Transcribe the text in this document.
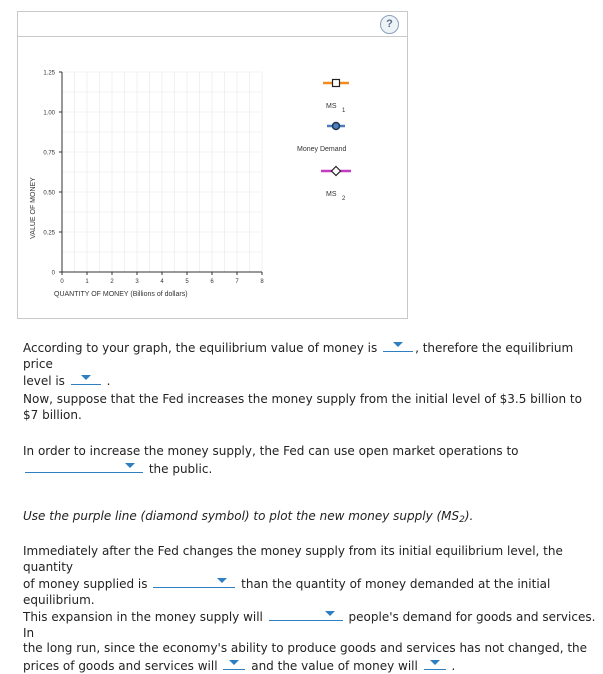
?
0
0.25
0.50
0.75
1.00
1.25
0	1	2	3	4	5	6	7	8
VALUE OF MONEY
QUANTITY OF MONEY (Billions of dollars)
MS
1
Money Demand
MS
2

According to your graph, the equilibrium value of money is	, therefore the equilibrium price
level is	.

Now, suppose that the Fed increases the money supply from the initial level of $3.5 billion to $7 billion.

In order to increase the money supply, the Fed can use open market operations to
the public.

Use the purple line (diamond symbol) to plot the new money supply $(MS_2)$.

Immediately after the Fed changes the money supply from its initial equilibrium level, the quantity
of money supplied is	than the quantity of money demanded at the initial equilibrium.
This expansion in the money supply will	people's demand for goods and services. In
the long run, since the economy's ability to produce goods and services has not changed, the
prices of goods and services will	and the value of money will	.
